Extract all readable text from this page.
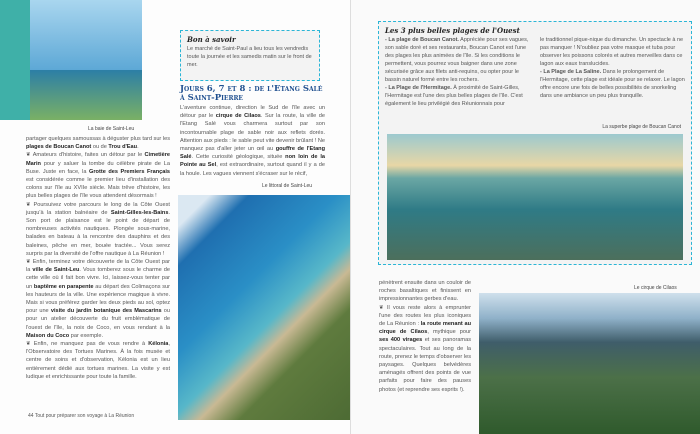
La baie de Saint-Leu
partager quelques samoussas à déguster plus tard sur les plages de Boucan Canot ou de Trou d'Eau.
❦ Amateurs d'histoire, faites un détour par le Cimetière Marin pour y saluer la tombe du célèbre pirate de La Buse. Juste en face, la Grotte des Premiers Français est considérée comme le premier lieu d'installation des colons sur l'île au XVIIe siècle. Mais trêve d'histoire, les plus belles plages de l'île vous attendent désormais !
❦ Poursuivez votre parcours le long de la Côte Ouest jusqu'à la station balnéaire de Saint-Gilles-les-Bains. Son port de plaisance est le point de départ de nombreuses activités nautiques. Plongée sous-marine, balades en bateau à la rencontre des dauphins et des baleines, pêche en mer, bouée tractée... Vous serez surpris par la diversité de l'offre nautique à La Réunion !
❦ Enfin, terminez votre découverte de la Côte Ouest par la ville de Saint-Leu. Vous tomberez sous le charme de cette ville où il fait bon vivre. Ici, laissez-vous tenter par un baptême en parapente au départ des Colimaçons sur les hauteurs de la ville. Une expérience magique à vivre. Mais si vous préférez garder les deux pieds au sol, optez pour une visite du jardin botanique des Mascarins ou pour un atelier découverte du fruit emblématique de l'ouest de l'île, la noix de Coco, en vous rendant à la Maison du Coco par exemple.
❦ Enfin, ne manquez pas de vous rendre à Kélonia, l'Observatoire des Tortues Marines. À la fois musée et centre de soins et d'observation, Kélonia est un lieu entièrement dédié aux tortues marines. La visite y est ludique et enrichissante pour toute la famille.
Bon à savoir

Le marché de Saint-Paul a lieu tous les vendredis toute la journée et les samedis matin sur le front de mer.

Jours 6, 7 et 8 : de l'Etang Salé à Saint-Pierre
L'aventure continue, direction le Sud de l'île avec un détour par le cirque de Cilaos. Sur la route, la ville de l'Etang Salé vous charmera surtout par son incontournable plage de sable noir aux reflets dorés. Attention aux pieds : le sable peut vite devenir brûlant ! Ne manquez pas d'aller jeter un œil au gouffre de l'Etang Salé. Cette curiosité géologique, située non loin de la Pointe au Sel, est extraordinaire, surtout quand il y a de la houle. Les vagues viennent s'écraser sur le récif,
Le littoral de Saint-Leu
44 Tout pour préparer son voyage à La Réunion
Les 3 plus belles plages de l'Ouest

- La plage de Boucan Canot. Appréciée pour ses vagues, son sable doré et ses restaurants, Boucan Canot est l'une des plages les plus animées de l'île. Si les conditions le permettent, vous pourrez vous baigner dans une zone sécurisée grâce aux filets anti-requins, ou opter pour le bassin naturel formé entre les rochers.
- La Plage de l'Hermitage. À proximité de Saint-Gilles, l'Hermitage est l'une des plus belles plages de l'île. C'est également le lieu privilégié des Réunionnais pour

le traditionnel pique-nique du dimanche. Un spectacle à ne pas manquer ! N'oubliez pas votre masque et tuba pour observer les poissons colorés et autres merveilles dans ce lagon aux eaux translucides.
- La Plage de La Saline. Dans le prolongement de l'Hermitage, cette plage est idéale pour se relaxer. Le lagon offre encore une fois de belles possibilités de snorkeling dans une ambiance un peu plus tranquille.

La superbe plage de Boucan Canot
pénètrent ensuite dans un couloir de roches basaltiques et finissent en impressionnantes gerbes d'eau.
❦ Il vous reste alors à emprunter l'une des routes les plus iconiques de La Réunion : la route menant au cirque de Cilaos, mythique pour ses 400 virages et ses panoramas spectaculaires. Tout au long de la route, prenez le temps d'observer les paysages. Quelques belvédères aménagés offrent des points de vue parfaits pour faire des pauses photos (et reprendre ses esprits !).
Le cirque de Cilaos
